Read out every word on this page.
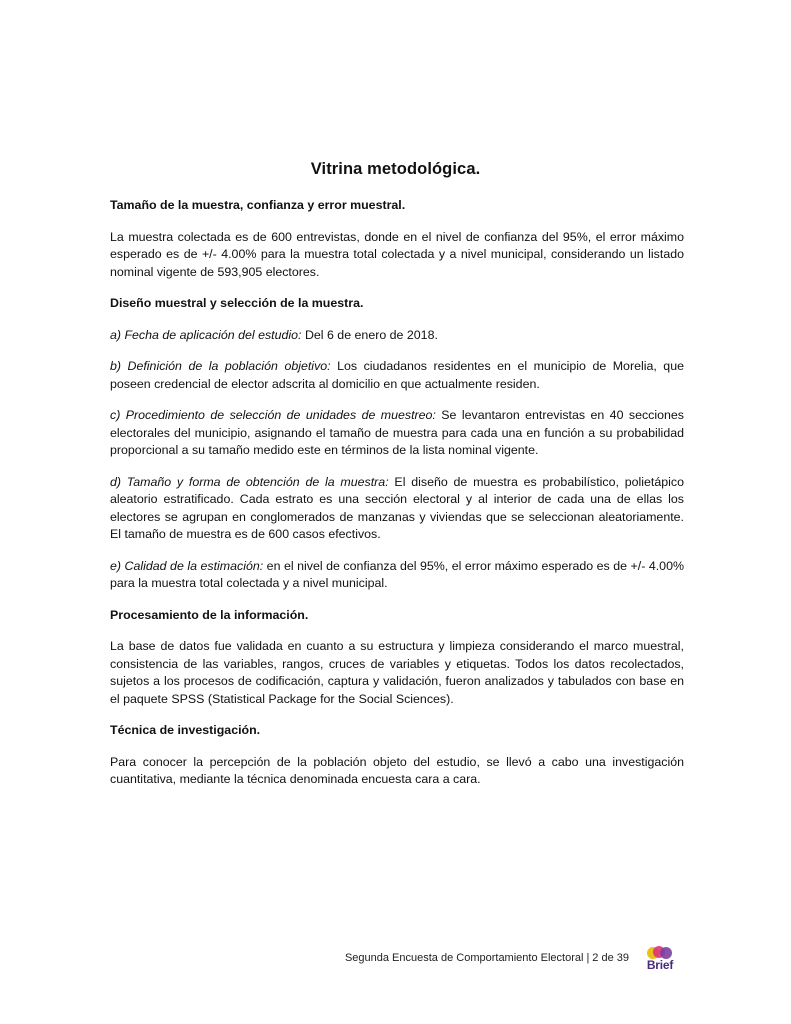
Vitrina metodológica.
Tamaño de la muestra, confianza y error muestral.
La muestra colectada es de 600 entrevistas, donde en el nivel de confianza del 95%, el error máximo esperado es de +/- 4.00% para la muestra total colectada y a nivel municipal, considerando un listado nominal vigente de 593,905 electores.
Diseño muestral y selección de la muestra.
a) Fecha de aplicación del estudio: Del 6 de enero de 2018.
b) Definición de la población objetivo: Los ciudadanos residentes en el municipio de Morelia, que poseen credencial de elector adscrita al domicilio en que actualmente residen.
c) Procedimiento de selección de unidades de muestreo: Se levantaron entrevistas en 40 secciones electorales del municipio, asignando el tamaño de muestra para cada una en función a su probabilidad proporcional a su tamaño medido este en términos de la lista nominal vigente.
d) Tamaño y forma de obtención de la muestra: El diseño de muestra es probabilístico, polietápico aleatorio estratificado. Cada estrato es una sección electoral y al interior de cada una de ellas los electores se agrupan en conglomerados de manzanas y viviendas que se seleccionan aleatoriamente. El tamaño de muestra es de 600 casos efectivos.
e) Calidad de la estimación: en el nivel de confianza del 95%, el error máximo esperado es de +/- 4.00% para la muestra total colectada y a nivel municipal.
Procesamiento de la información.
La base de datos fue validada en cuanto a su estructura y limpieza considerando el marco muestral, consistencia de las variables, rangos, cruces de variables y etiquetas. Todos los datos recolectados, sujetos a los procesos de codificación, captura y validación, fueron analizados y tabulados con base en el paquete SPSS (Statistical Package for the Social Sciences).
Técnica de investigación.
Para conocer la percepción de la población objeto del estudio, se llevó a cabo una investigación cuantitativa, mediante la técnica denominada encuesta cara a cara.
Segunda Encuesta de Comportamiento Electoral | 2 de 39 Brief
